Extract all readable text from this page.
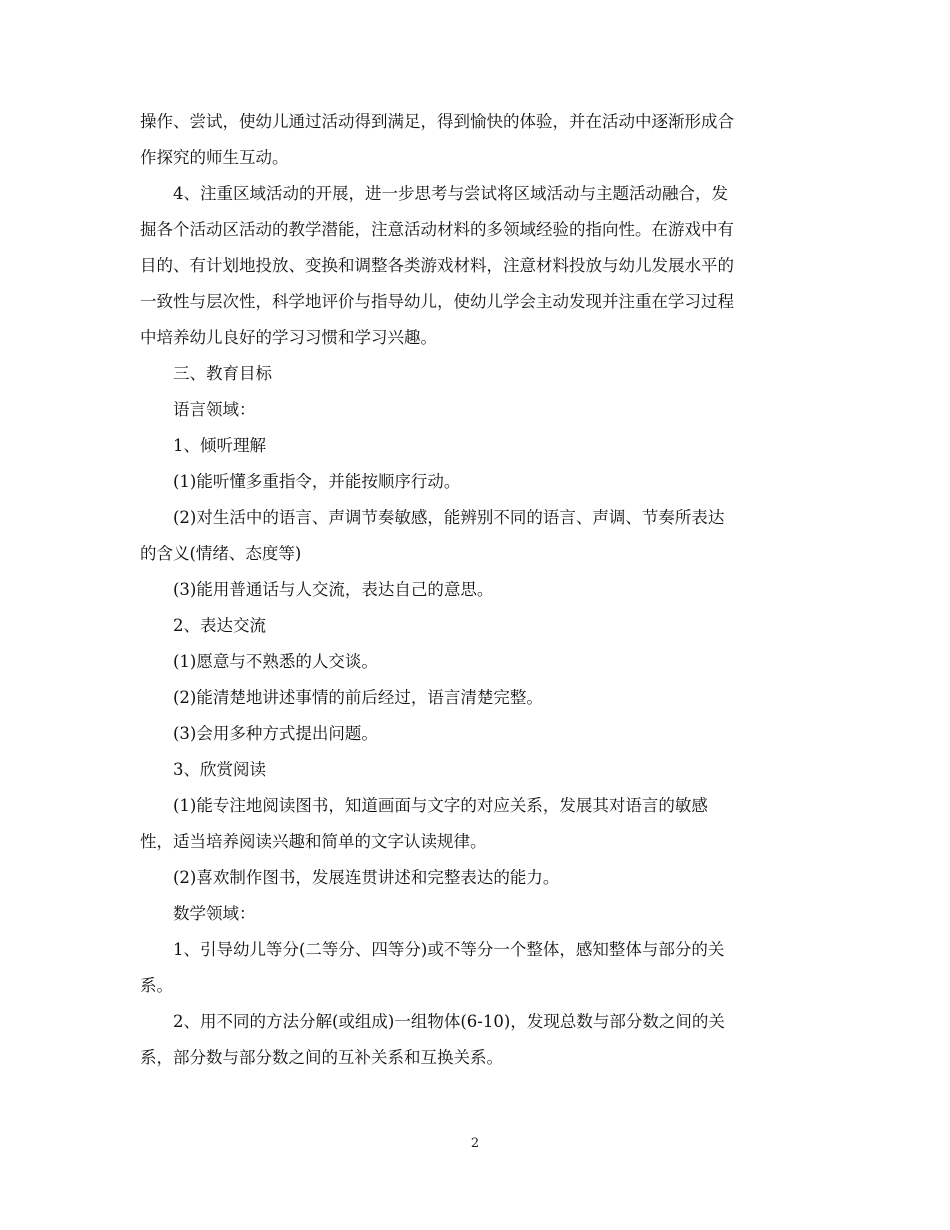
操作、尝试，使幼儿通过活动得到满足，得到愉快的体验，并在活动中逐渐形成合
作探究的师生互动。
4、注重区域活动的开展，进一步思考与尝试将区域活动与主题活动融合，发
掘各个活动区活动的教学潜能，注意活动材料的多领域经验的指向性。在游戏中有
目的、有计划地投放、变换和调整各类游戏材料，注意材料投放与幼儿发展水平的
一致性与层次性，科学地评价与指导幼儿，使幼儿学会主动发现并注重在学习过程
中培养幼儿良好的学习习惯和学习兴趣。
三、教育目标
语言领域：
1、倾听理解
(1)能听懂多重指令，并能按顺序行动。
(2)对生活中的语言、声调节奏敏感，能辨别不同的语言、声调、节奏所表达
的含义(情绪、态度等)
(3)能用普通话与人交流，表达自己的意思。
2、表达交流
(1)愿意与不熟悉的人交谈。
(2)能清楚地讲述事情的前后经过，语言清楚完整。
(3)会用多种方式提出问题。
3、欣赏阅读
(1)能专注地阅读图书，知道画面与文字的对应关系，发展其对语言的敏感
性，适当培养阅读兴趣和简单的文字认读规律。
(2)喜欢制作图书，发展连贯讲述和完整表达的能力。
数学领域：
1、引导幼儿等分(二等分、四等分)或不等分一个整体，感知整体与部分的关
系。
2、用不同的方法分解(或组成)一组物体(6-10)，发现总数与部分数之间的关
系，部分数与部分数之间的互补关系和互换关系。
2
